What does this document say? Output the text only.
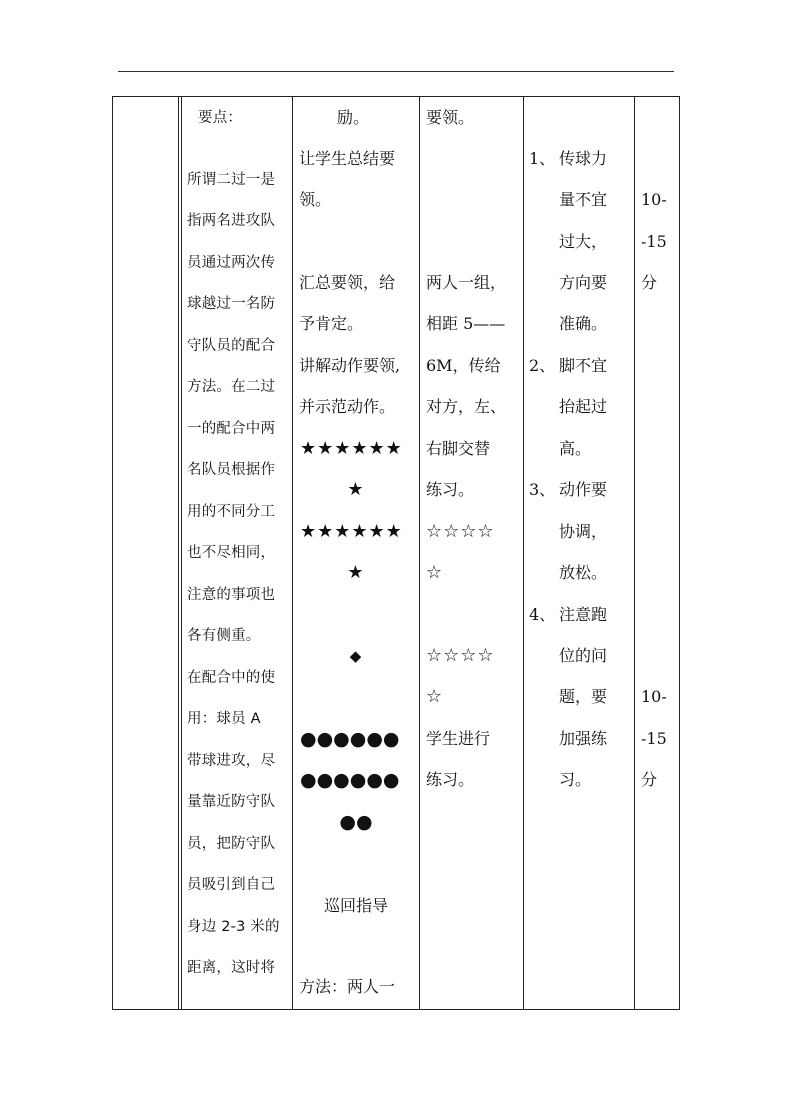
要点：
所谓二过一是
指两名进攻队
员通过两次传
球越过一名防
守队员的配合
方法。在二过
一的配合中两
名队员根据作
用的不同分工
也不尽相同，
注意的事项也
各有侧重。
在配合中的使
用：球员 A
带球进攻，尽
量靠近防守队
员，把防守队
员吸引到自己
身边 2-3 米的
距离，这时将
励。
让学生总结要
领。
汇总要领，给
予肯定。
讲解动作要领,
并示范动作。
★★★★★★
★
★★★★★★
★
◆
●●●●●●
●●●●●●
●●
巡回指导
方法：两人一
要领。
两人一组，
相距 5——
6M，传给
对方，左、
右脚交替
练习。
☆☆☆☆
☆
☆☆☆☆
☆
学生进行
练习。
1、 传球力
量不宜
过大，
方向要
准确。
2、 脚不宜
抬起过
高。
3、 动作要
协调，
放松。
4、 注意跑
位的问
题，要
加强练
习。
10-
-15
分
10-
-15
分
